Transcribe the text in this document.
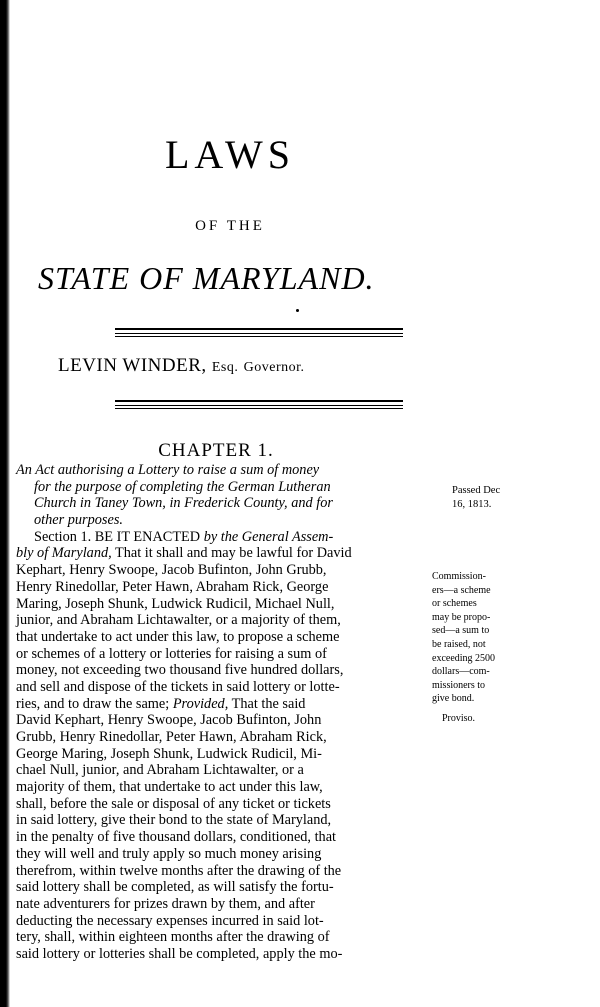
LAWS
OF THE
STATE OF MARYLAND.
LEVIN WINDER, Esq. Governor.
CHAPTER 1.
An Act authorising a Lottery to raise a sum of money
for the purpose of completing the German Lutheran
Church in Taney Town, in Frederick County, and for
other purposes.
Section 1. BE IT ENACTED by the General Assem-
bly of Maryland, That it shall and may be lawful for David
Kephart, Henry Swoope, Jacob Bufinton, John Grubb,
Henry Rinedollar, Peter Hawn, Abraham Rick, George
Maring, Joseph Shunk, Ludwick Rudicil, Michael Null,
junior, and Abraham Lichtawalter, or a majority of them,
that undertake to act under this law, to propose a scheme
or schemes of a lottery or lotteries for raising a sum of
money, not exceeding two thousand five hundred dollars,
and sell and dispose of the tickets in said lottery or lotte-
ries, and to draw the same; Provided, That the said
David Kephart, Henry Swoope, Jacob Bufinton, John
Grubb, Henry Rinedollar, Peter Hawn, Abraham Rick,
George Maring, Joseph Shunk, Ludwick Rudicil, Mi-
chael Null, junior, and Abraham Lichtawalter, or a
majority of them, that undertake to act under this law,
shall, before the sale or disposal of any ticket or tickets
in said lottery, give their bond to the state of Maryland,
in the penalty of five thousand dollars, conditioned, that
they will well and truly apply so much money arising
therefrom, within twelve months after the drawing of the
said lottery shall be completed, as will satisfy the fortu-
nate adventurers for prizes drawn by them, and after
deducting the necessary expenses incurred in said lot-
tery, shall, within eighteen months after the drawing of
said lottery or lotteries shall be completed, apply the mo-
Passed Dec
16, 1813.
Commission-
ers—a scheme
or schemes
may be propo-
sed—a sum to
be raised, not
exceeding 2500
dollars—com-
missioners to
give bond.
Proviso.
